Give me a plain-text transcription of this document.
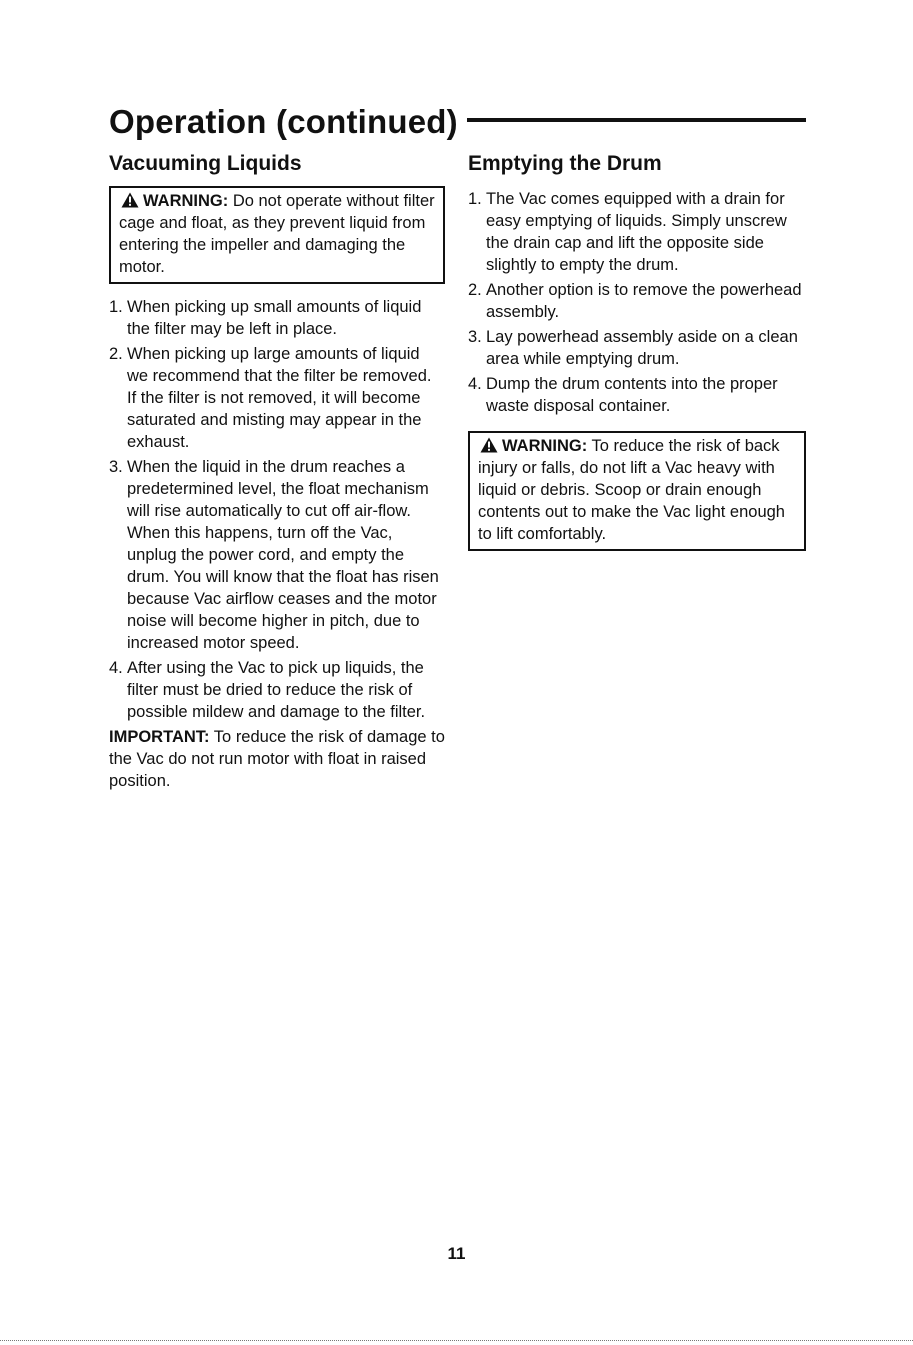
Operation (continued)
Vacuuming Liquids
WARNING: Do not operate without filter cage and float, as they prevent liquid from entering the impeller and damaging the motor.
1. When picking up small amounts of liquid the filter may be left in place.
2. When picking up large amounts of liquid we recommend that the filter be removed. If the filter is not removed, it will become saturated and misting may appear in the exhaust.
3. When the liquid in the drum reaches a predetermined level, the float mechanism will rise automatically to cut off air-flow. When this happens, turn off the Vac, unplug the power cord, and empty the drum. You will know that the float has risen because Vac airflow ceases and the motor noise will become higher in pitch, due to increased motor speed.
4. After using the Vac to pick up liquids, the filter must be dried to reduce the risk of possible mildew and damage to the filter.
IMPORTANT: To reduce the risk of damage to the Vac do not run motor with float in raised position.
Emptying the Drum
1. The Vac comes equipped with a drain for easy emptying of liquids. Simply unscrew the drain cap and lift the opposite side slightly to empty the drum.
2. Another option is to remove the powerhead assembly.
3. Lay powerhead assembly aside on a clean area while emptying drum.
4. Dump the drum contents into the proper waste disposal container.
WARNING: To reduce the risk of back injury or falls, do not lift a Vac heavy with liquid or debris. Scoop or drain enough contents out to make the Vac light enough to lift comfortably.
11
